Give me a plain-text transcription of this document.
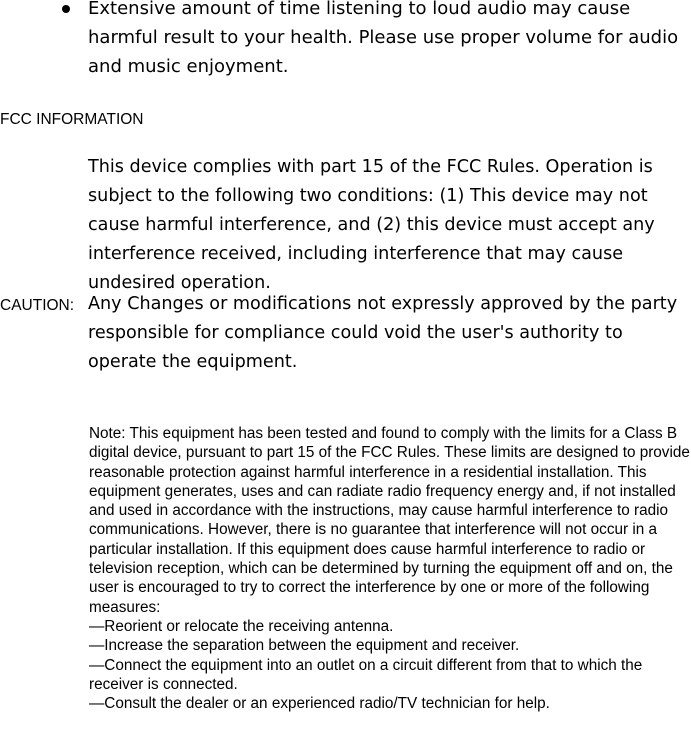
Extensive amount of time listening to loud audio may cause harmful result to your health. Please use proper volume for audio and music enjoyment.
FCC INFORMATION
This device complies with part 15 of the FCC Rules. Operation is subject to the following two conditions: (1) This device may not cause harmful interference, and (2) this device must accept any interference received, including interference that may cause undesired operation.
CAUTION: Any Changes or modifications not expressly approved by the party responsible for compliance could void the user's authority to operate the equipment.

Note: This equipment has been tested and found to comply with the limits for a Class B digital device, pursuant to part 15 of the FCC Rules. These limits are designed to provide reasonable protection against harmful interference in a residential installation. This equipment generates, uses and can radiate radio frequency energy and, if not installed and used in accordance with the instructions, may cause harmful interference to radio communications. However, there is no guarantee that interference will not occur in a particular installation. If this equipment does cause harmful interference to radio or television reception, which can be determined by turning the equipment off and on, the user is encouraged to try to correct the interference by one or more of the following measures:

—Reorient or relocate the receiving antenna.

—Increase the separation between the equipment and receiver.

—Connect the equipment into an outlet on a circuit different from that to which the receiver is connected.

—Consult the dealer or an experienced radio/TV technician for help.
